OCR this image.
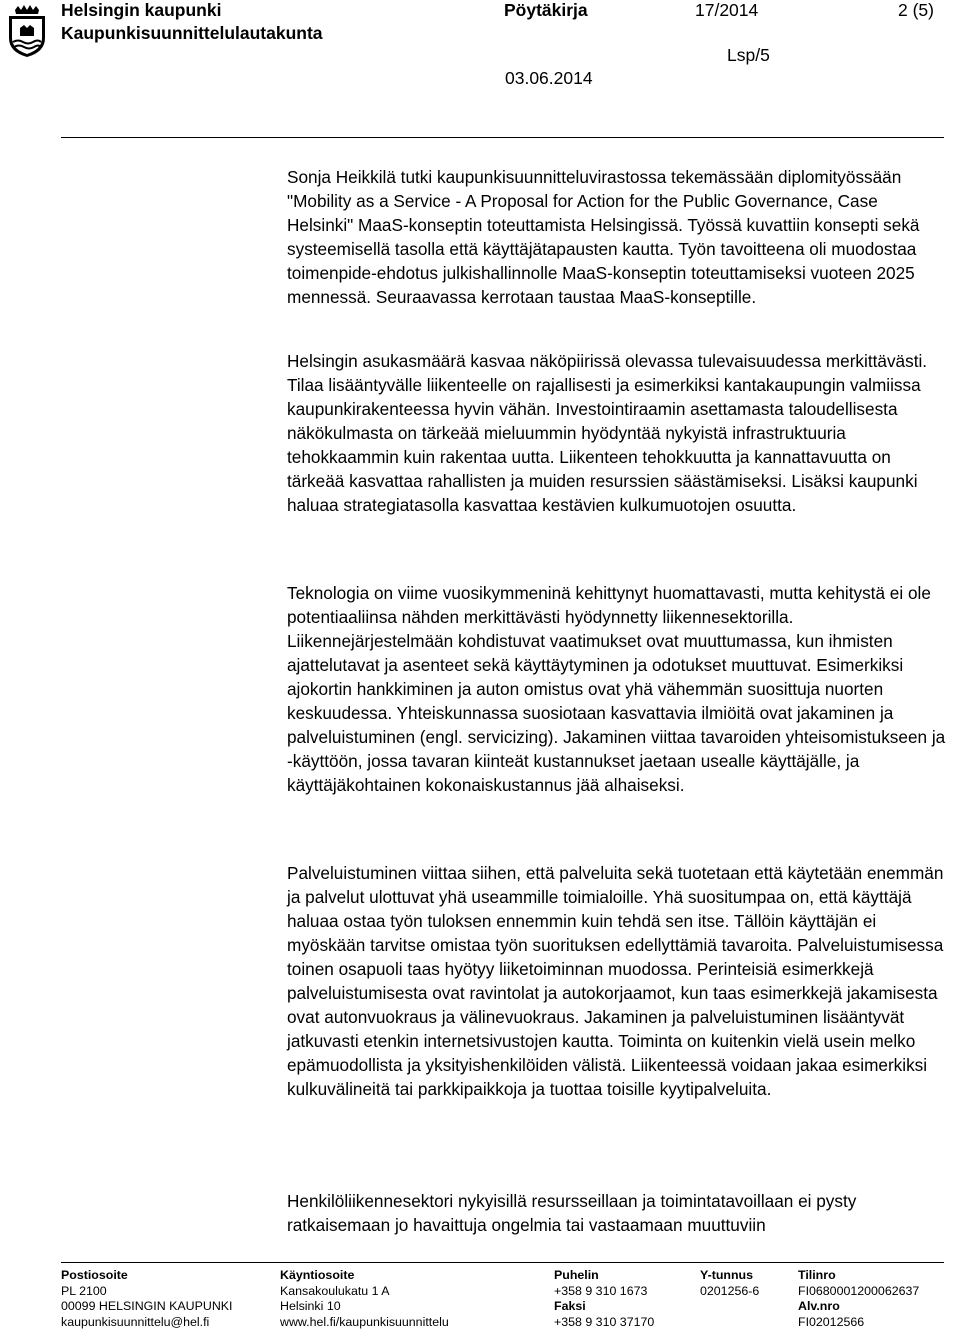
Helsingin kaupunki
Kaupunkisuunnittelulautakunta
Pöytäkirja	17/2014	2 (5)
Lsp/5
03.06.2014

Sonja Heikkilä tutki kaupunkisuunnitteluvirastossa tekemässään diplomityössään "Mobility as a Service - A Proposal for Action for the Public Governance, Case Helsinki" MaaS-konseptin toteuttamista Helsingissä. Työssä kuvattiin konsepti sekä systeemisellä tasolla että käyttäjätapausten kautta. Työn tavoitteena oli muodostaa toimenpide-ehdotus julkishallinnolle MaaS-konseptin toteuttamiseksi vuoteen 2025 mennessä. Seuraavassa kerrotaan taustaa MaaS-konseptille.

Helsingin asukasmäärä kasvaa näköpiirissä olevassa tulevaisuudessa merkittävästi. Tilaa lisääntyvälle liikenteelle on rajallisesti ja esimerkiksi kantakaupungin valmiissa kaupunkirakenteessa hyvin vähän. Investointiraamin asettamasta taloudellisesta näkökulmasta on tärkeää mieluummin hyödyntää nykyistä infrastruktuuria tehokkaammin kuin rakentaa uutta. Liikenteen tehokkuutta ja kannattavuutta on tärkeää kasvattaa rahallisten ja muiden resurssien säästämiseksi. Lisäksi kaupunki haluaa strategiatasolla kasvattaa kestävien kulkumuotojen osuutta.

Teknologia on viime vuosikymmeninä kehittynyt huomattavasti, mutta kehitystä ei ole potentiaaliinsa nähden merkittävästi hyödynnetty liikennesektorilla. Liikennejärjestelmään kohdistuvat vaatimukset ovat muuttumassa, kun ihmisten ajattelutavat ja asenteet sekä käyttäytyminen ja odotukset muuttuvat. Esimerkiksi ajokortin hankkiminen ja auton omistus ovat yhä vähemmän suosittuja nuorten keskuudessa. Yhteiskunnassa suosiotaan kasvattavia ilmiöitä ovat jakaminen ja palveluistuminen (engl. servicizing). Jakaminen viittaa tavaroiden yhteisomistukseen ja -käyttöön, jossa tavaran kiinteät kustannukset jaetaan usealle käyttäjälle, ja käyttäjäkohtainen kokonaiskustannus jää alhaiseksi.

Palveluistuminen viittaa siihen, että palveluita sekä tuotetaan että käytetään enemmän ja palvelut ulottuvat yhä useammille toimialoille. Yhä suositumpaa on, että käyttäjä haluaa ostaa työn tuloksen ennemmin kuin tehdä sen itse. Tällöin käyttäjän ei myöskään tarvitse omistaa työn suorituksen edellyttämiä tavaroita. Palveluistumisessa toinen osapuoli taas hyötyy liiketoiminnan muodossa. Perinteisiä esimerkkejä palveluistumisesta ovat ravintolat ja autokorjaamot, kun taas esimerkkejä jakamisesta ovat autonvuokraus ja välinevuokraus. Jakaminen ja palveluistuminen lisääntyvät jatkuvasti etenkin internetsivustojen kautta. Toiminta on kuitenkin vielä usein melko epämuodollista ja yksityishenkilöiden välistä. Liikenteessä voidaan jakaa esimerkiksi kulkuvälineitä tai parkkipaikkoja ja tuottaa toisille kyytipalveluita.

Henkilöliikennesektori nykyisillä resursseillaan ja toimintatavoillaan ei pysty ratkaisemaan jo havaittuja ongelmia tai vastaamaan muuttuviin

Postiosoite
PL 2100
00099 HELSINGIN KAUPUNKI
kaupunkisuunnittelu@hel.fi
Käyntiosoite
Kansakoulukatu 1 A
Helsinki 10
www.hel.fi/kaupunkisuunnittelu
Puhelin
+358 9 310 1673
Faksi
+358 9 310 37170
Y-tunnus
0201256-6
Tilinro
FI0680001200062637
Alv.nro
FI02012566
